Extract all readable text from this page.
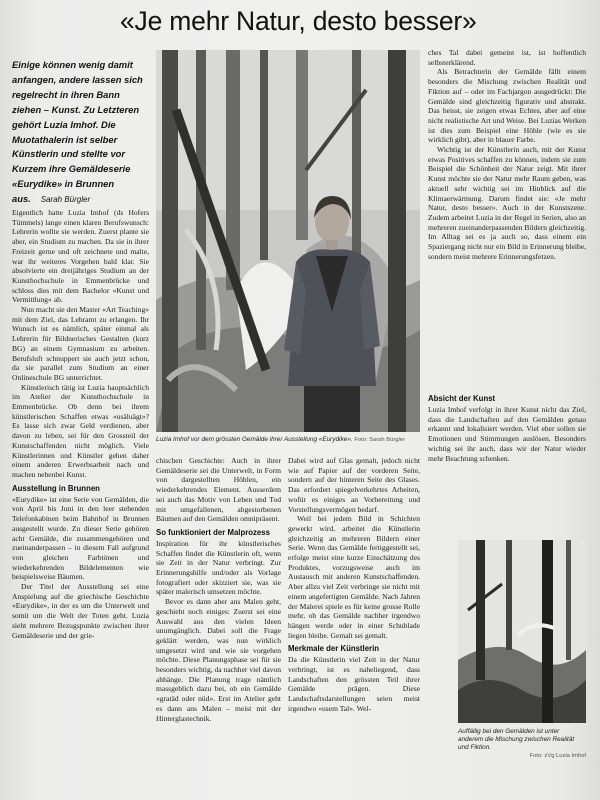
«Je mehr Natur, desto besser»

Einige können wenig damit anfangen, andere lassen sich regelrecht in ihren Bann ziehen – Kunst. Zu Letzteren gehört Luzia Imhof. Die Muotathalerin ist selber Künstlerin und stellte vor Kurzem ihre Gemäldeserie «Eurydike» in Brunnen aus. Sarah Bürgler

Eigentlich hatte Luzia Imhof (ds Hofers Tümmels) lange einen klaren Berufswunsch: Lehrerin wollte sie werden. Zuerst plante sie aber, ein Studium zu machen. Da sie in ihrer Freizeit gerne und oft zeichnete und malte, war ihr weiteres Vorgehen bald klar. Sie absolvierte ein dreijähriges Studium an der Kunsthochschule in Emmenbrücke und schloss dies mit dem Bachelor «Kunst und Vermittlung» ab.

Nun macht sie den Master «Art Teaching» mit dem Ziel, das Lehramt zu erlangen. Ihr Wunsch ist es nämlich, später einmal als Lehrerin für Bildnerisches Gestalten (kurz BG) an einem Gymnasium zu arbeiten. Berufsluft schnuppert sie auch jetzt schon, da sie parallel zum Studium an einer Onlineschule BG unterrichtet.

Künstlerisch tätig ist Luzia hauptsächlich im Atelier der Kunsthochschule in Emmenbrücke. Ob denn bei ihrem künstlerischen Schaffen etwas «usäluägt»? Es lasse sich zwar Geld verdienen, aber davon zu leben, sei für den Grossteil der Kunstschaffenden nicht möglich. Viele Künstlerinnen und Künstler gehen daher einem anderen Erwerbsarbeit nach und machen nebenbei Kunst.

Ausstellung in Brunnen

«Eurydike» ist eine Serie von Gemälden, die von April bis Juni in den leer stehenden Telefonkabinen beim Bahnhof in Brunnen ausgestellt wurde. Zu dieser Serie gehören acht Gemälde, die zusammengehören und zueinanderpassen – in diesem Fall aufgrund von gleichen Farbtönen und wiederkehrenden Bildelementen wie beispielsweise Bäumen.

Der Titel der Ausstellung sei eine Anspielung auf die griechische Geschichte «Eurydike», in der es um die Unterwelt und somit um die Welt der Toten geht. Luzia sieht mehrere Bezugspunkte zwischen ihrer Gemäldeserie und der grie-

Luzia Imhof vor dem grössten Gemälde ihrer Ausstellung «Eurydike». Foto: Sarah Bürgler

chischen Geschichte: Auch in ihrer Gemäldeserie sei die Unterwelt, in Form von dargestellten Höhlen, ein wiederkehrendes Element. Ausserdem sei auch das Motiv von Leben und Tod mit umgefallenen, abgestorbenen Bäumen auf den Gemälden omnipräsent.

So funktioniert der Malprozess

Inspiration für ihr künstlerisches Schaffen findet die Künstlerin oft, wenn sie Zeit in der Natur verbringt. Zur Erinnerungshilfe und/oder als Vorlage fotografiert oder skizziert sie, was sie später malerisch umsetzen möchte.

Bevor es dann aber ans Malen geht, geschieht noch einiges: Zuerst sei eine Auswahl aus den vielen Ideen unumgänglich. Dabei soll die Frage geklärt werden, was nun wirklich umgesetzt wird und wie sie vorgehen möchte. Diese Planungsphase sei für sie besonders wichtig, da nachher viel davon abhänge. Die Planung trage nämlich massgeblich dazu bei, ob ein Gemälde «gratäd oder nüd». Erst im Atelier geht es dann ans Malen – meist mit der Hinterglastechnik.

Dabei wird auf Glas gemalt, jedoch nicht wie auf Papier auf der vorderen Seite, sondern auf der hinteren Seite des Glases. Das erfordert spiegelverkehrtes Arbeiten, wofür es einiges an Vorbereitung und Vorstellungsvermögen bedarf.

Weil bei jedem Bild in Schichten gewerkt wird, arbeitet die Künstlerin gleichzeitig an mehreren Bildern einer Serie. Wenn das Gemälde fertiggestellt sei, erfolge meist eine kurze Einschätzung des Produktes, vorzugsweise auch im Austausch mit anderen Kunstschaffenden. Aber allzu viel Zeit verbringe sie nicht mit einem angefertigten Gemälde. Nach Jahren der Malerei spiele es für keine grosse Rolle mehr, ob das Gemälde nachher irgendwo hängen werde oder in einer Schublade liegen bleibe. Gemalt sei gemalt.

Merkmale der Künstlerin

Da die Künstlerin viel Zeit in der Natur verbringt, ist es naheliegend, dass Landschaften den grössten Teil ihrer Gemälde prägen. Diese Landschaftsdarstellungen seien meist irgendwo «usem Tal». Wel-

ches Tal dabei gemeint ist, ist hoffentlich selbsterklärend.

Als Betrachterin der Gemälde fällt einem besonders die Mischung zwischen Realität und Fiktion auf – oder im Fachjargon ausgedrückt: Die Gemälde sind gleichzeitig figurativ und abstrakt. Das heisst, sie zeigen etwas Echtes, aber auf eine nicht realistische Art und Weise. Bei Luzias Werken ist dies zum Beispiel eine Höhle (wie es sie wirklich gibt), aber in blauer Farbe.

Wichtig ist der Künstlerin auch, mit der Kunst etwas Positives schaffen zu können, indem sie zum Beispiel die Schönheit der Natur zeigt. Mit ihrer Kunst möchte sie der Natur mehr Raum geben, was aktuell sehr wichtig sei im Hinblick auf die Klimaerwärmung. Darum findet sie: «Je mehr Natur, desto besser». Auch in der Kunstszene. Zudem arbeitet Luzia in der Regel in Serien, also an mehreren zueinanderpassenden Bildern gleichzeitig. Im Alltag sei es ja auch so, dass einem ein Spaziergang nicht nur ein Bild in Erinnerung bleibe, sondern meist mehrere Erinnerungsfetzen.

Absicht der Kunst

Luzia Imhof verfolgt in ihrer Kunst nicht das Ziel, dass die Landschaften auf den Gemälden genau erkannt und lokalisiert werden. Viel eher sollen sie Emotionen und Stimmungen auslösen. Besonders wichtig sei ihr auch, dass wir der Natur wieder mehr Beachtung schenken.

Auffällig bei den Gemälden ist unter anderem die Mischung zwischen Realität und Fiktion.
Foto: zVg Luzia Imhof
